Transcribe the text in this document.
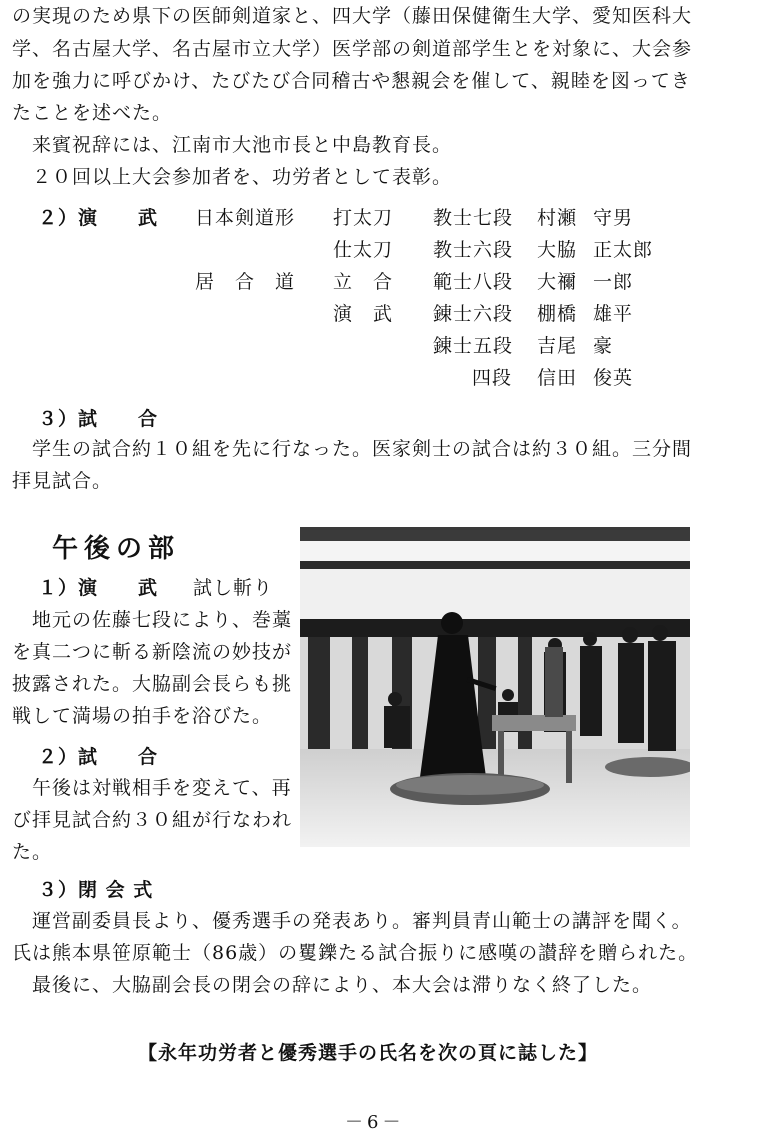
の実現のため県下の医師剣道家と、四大学（藤田保健衛生大学、愛知医科大
学、名古屋大学、名古屋市立大学）医学部の剣道部学生とを対象に、大会参
加を強力に呼びかけ、たびたび合同稽古や懇親会を催して、親睦を図ってき
たことを述べた。
　来賓祝辞には、江南市大池市長と中島教育長。
　２０回以上大会参加者を、功労者として表彰。
２）演　　武 日本剣道形 打太刀 教士七段 村瀬 守男
仕太刀 教士六段 大脇 正太郎
居　合　道 立　合 範士八段 大禰 一郎
演　武 錬士六段 棚橋 雄平
錬士五段 吉尾 豪
四段 信田 俊英
３）試　　合
　学生の試合約１０組を先に行なった。医家剣士の試合は約３０組。三分間
拝見試合。
午後の部
１）演　　武 試し斬り
　地元の佐藤七段により、巻藁
を真二つに斬る新陰流の妙技が
披露された。大脇副会長らも挑
戦して満場の拍手を浴びた。
２）試　　合
　午後は対戦相手を変えて、再
び拝見試合約３０組が行なわれ
た。
３）閉 会 式
　運営副委員長より、優秀選手の発表あり。審判員青山範士の講評を聞く。
氏は熊本県笹原範士（86歳）の矍鑠たる試合振りに感嘆の讃辞を贈られた。
　最後に、大脇副会長の閉会の辞により、本大会は滞りなく終了した。
【永年功労者と優秀選手の氏名を次の頁に誌した】
－6－
